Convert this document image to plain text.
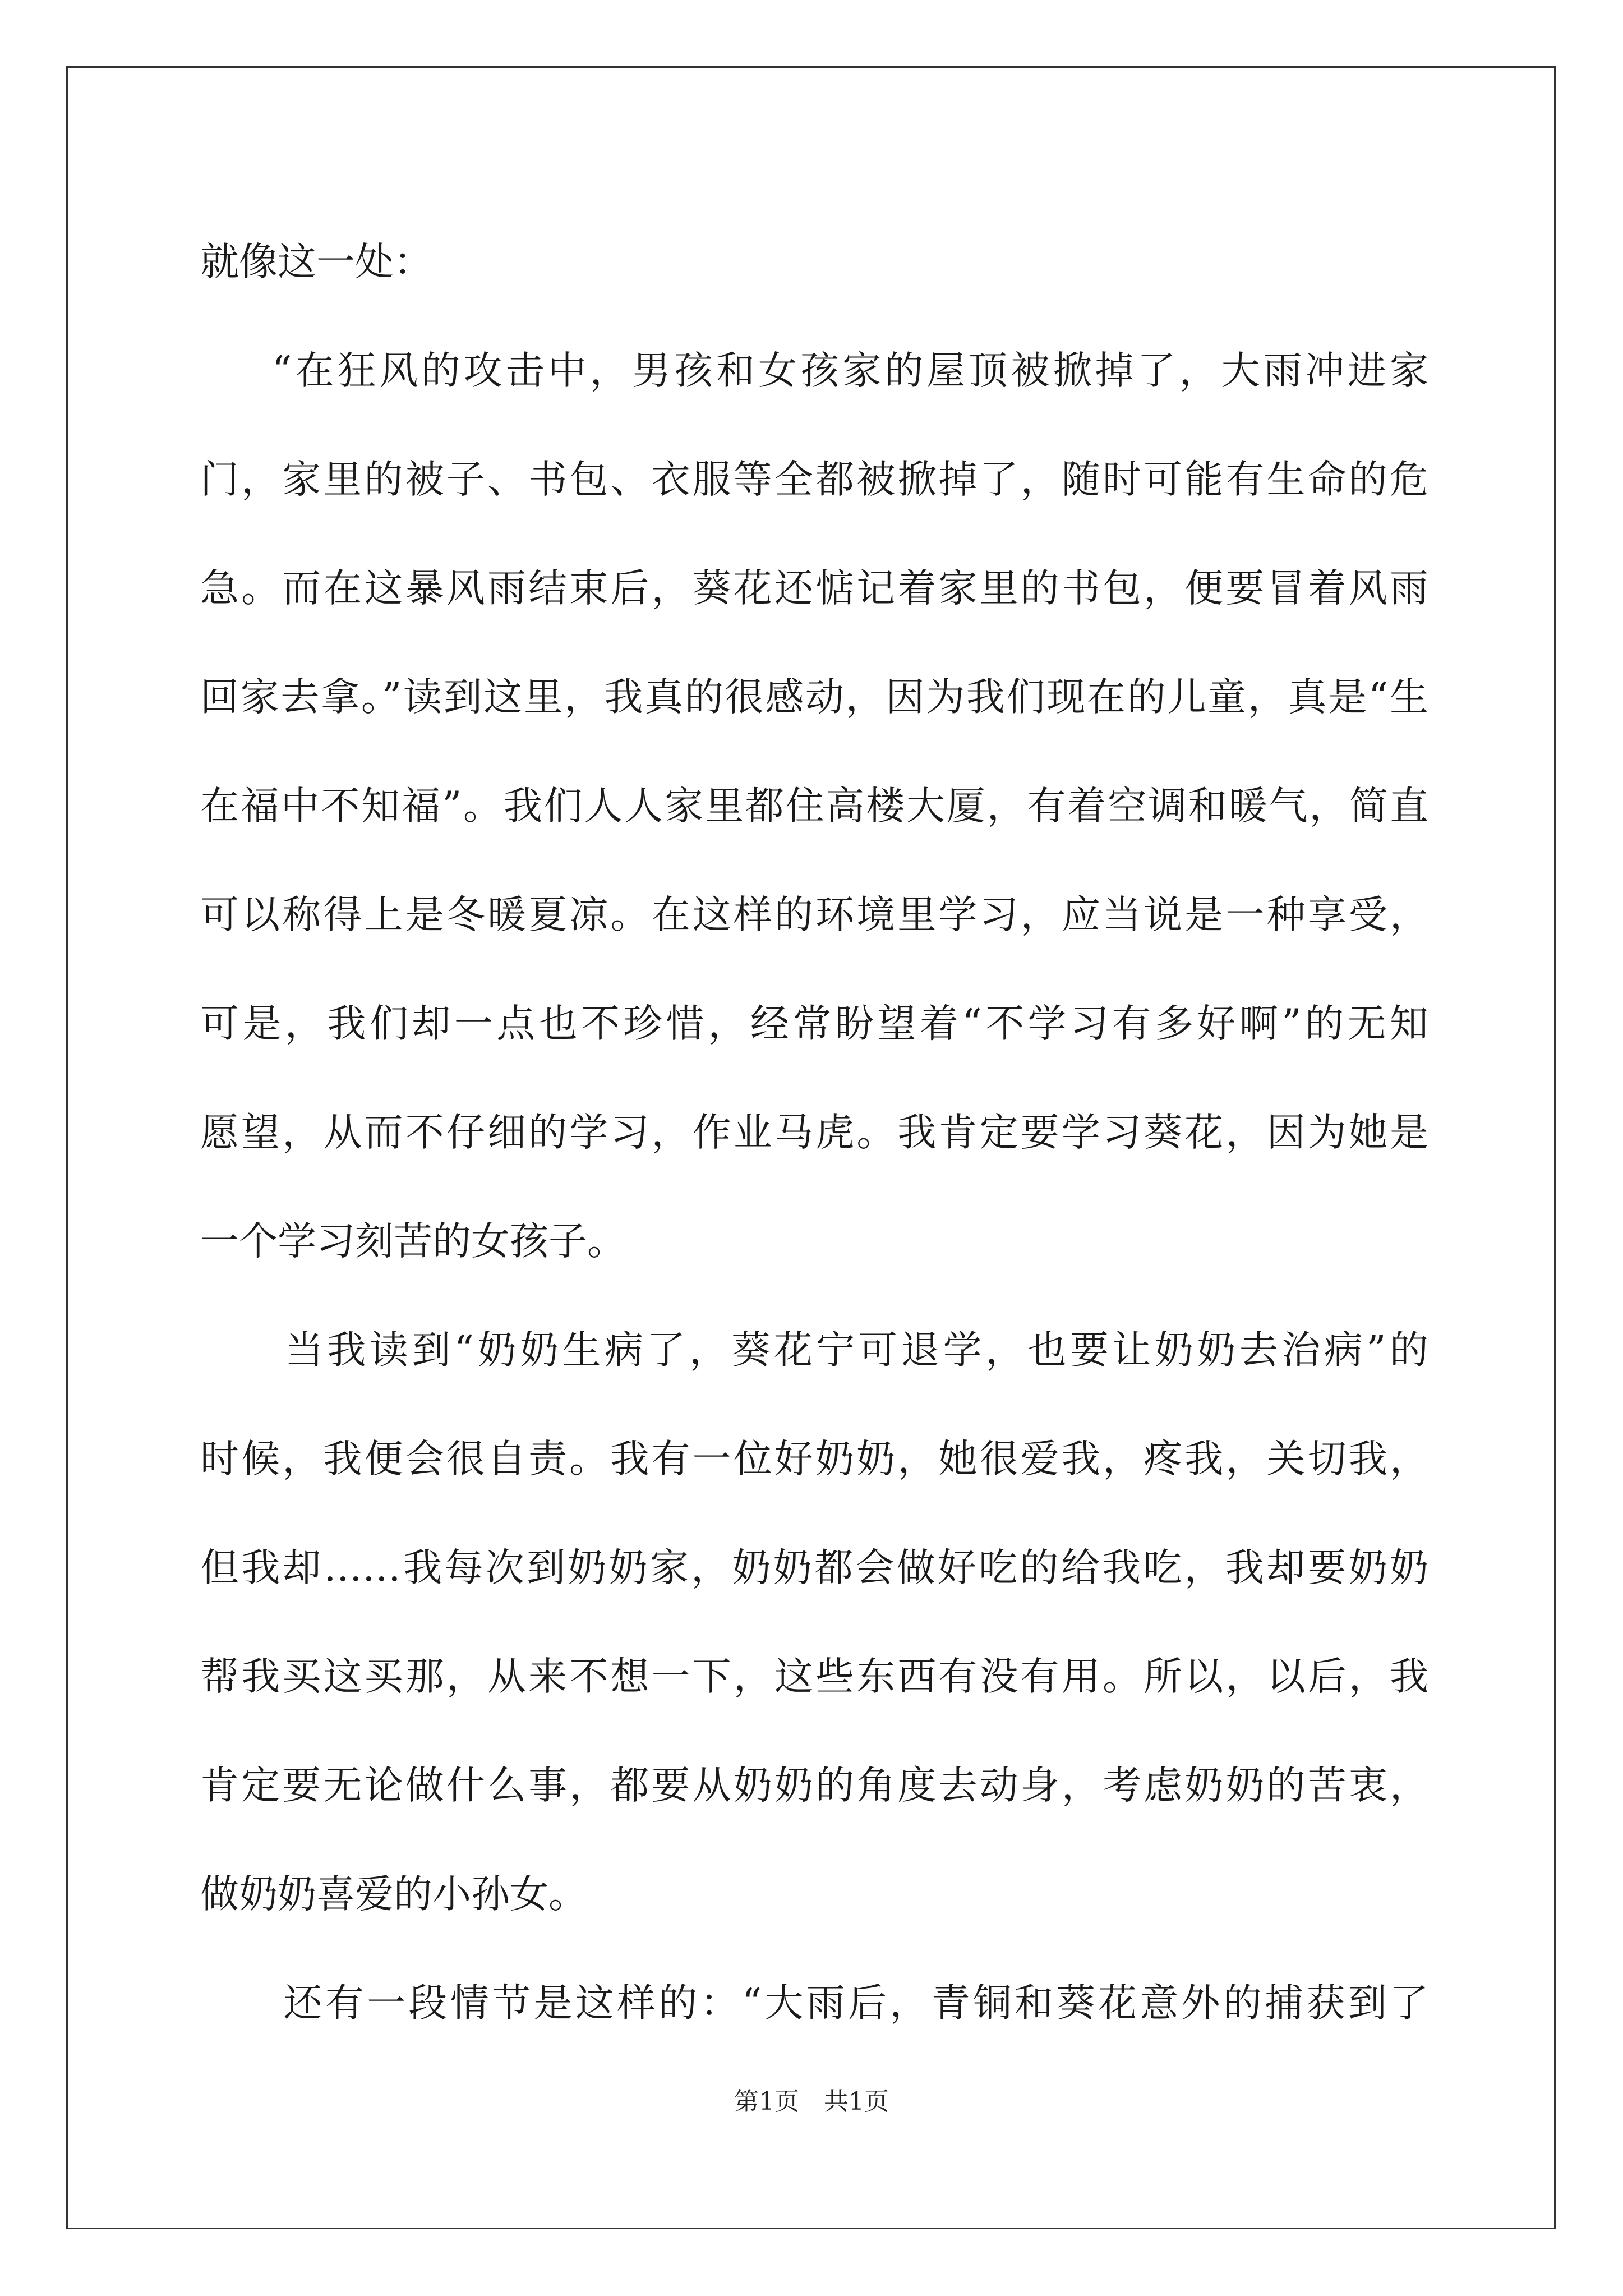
就像这一处：
“在狂风的攻击中，男孩和女孩家的屋顶被掀掉了，大雨冲进家
门，家里的被子、书包、衣服等全都被掀掉了，随时可能有生命的危
急。而在这暴风雨结束后，葵花还惦记着家里的书包，便要冒着风雨
回家去拿。”读到这里，我真的很感动，因为我们现在的儿童，真是“生
在福中不知福”。我们人人家里都住高楼大厦，有着空调和暖气，简直
可以称得上是冬暖夏凉。在这样的环境里学习，应当说是一种享受，
可是，我们却一点也不珍惜，经常盼望着“不学习有多好啊”的无知
愿望，从而不仔细的学习，作业马虎。我肯定要学习葵花，因为她是
一个学习刻苦的女孩子。
　　当我读到“奶奶生病了，葵花宁可退学，也要让奶奶去治病”的
时候，我便会很自责。我有一位好奶奶，她很爱我，疼我，关切我，
但我却……我每次到奶奶家，奶奶都会做好吃的给我吃，我却要奶奶
帮我买这买那，从来不想一下，这些东西有没有用。所以，以后，我
肯定要无论做什么事，都要从奶奶的角度去动身，考虑奶奶的苦衷，
做奶奶喜爱的小孙女。
　　还有一段情节是这样的：“大雨后，青铜和葵花意外的捕获到了
第1页　共1页
